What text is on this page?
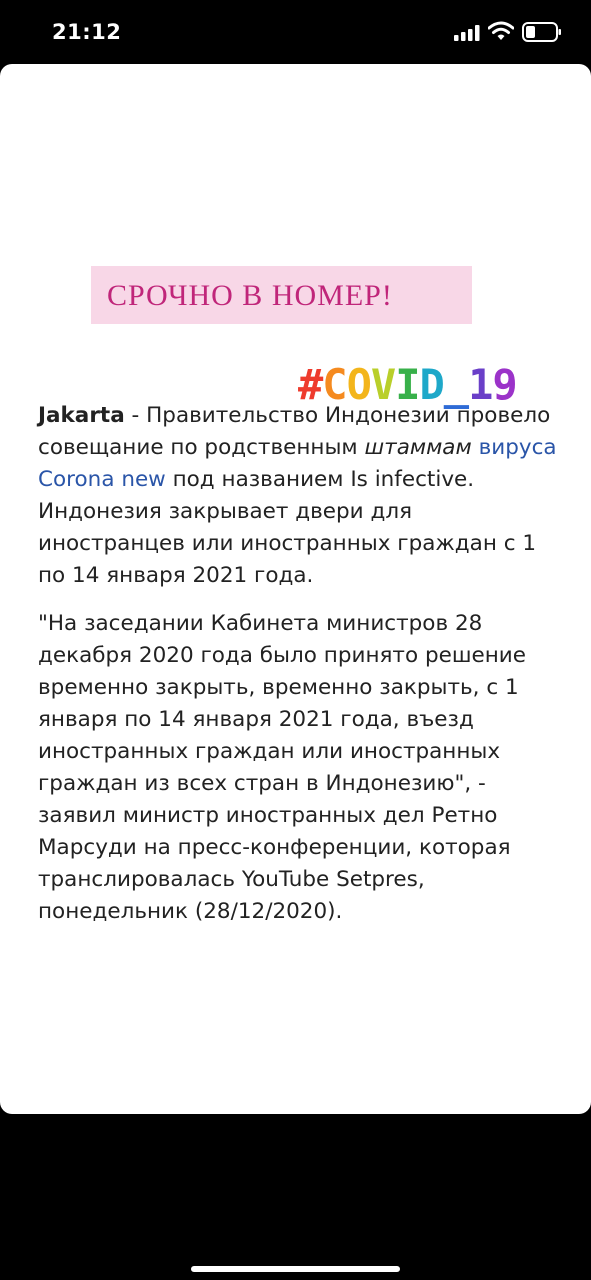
21:12
СРОЧНО В НОМЕР!
#COVID_19

Jakarta - Правительство Индонезии провело совещание по родственным штаммам вируса Corona new под названием Is infective. Индонезия закрывает двери для иностранцев или иностранных граждан с 1 по 14 января 2021 года.

"На заседании Кабинета министров 28 декабря 2020 года было принято решение временно закрыть, временно закрыть, с 1 января по 14 января 2021 года, въезд иностранных граждан или иностранных граждан из всех стран в Индонезию", - заявил министр иностранных дел Ретно Марсуди на пресс-конференции, которая транслировалась YouTube Setpres, понедельник (28/12/2020).
